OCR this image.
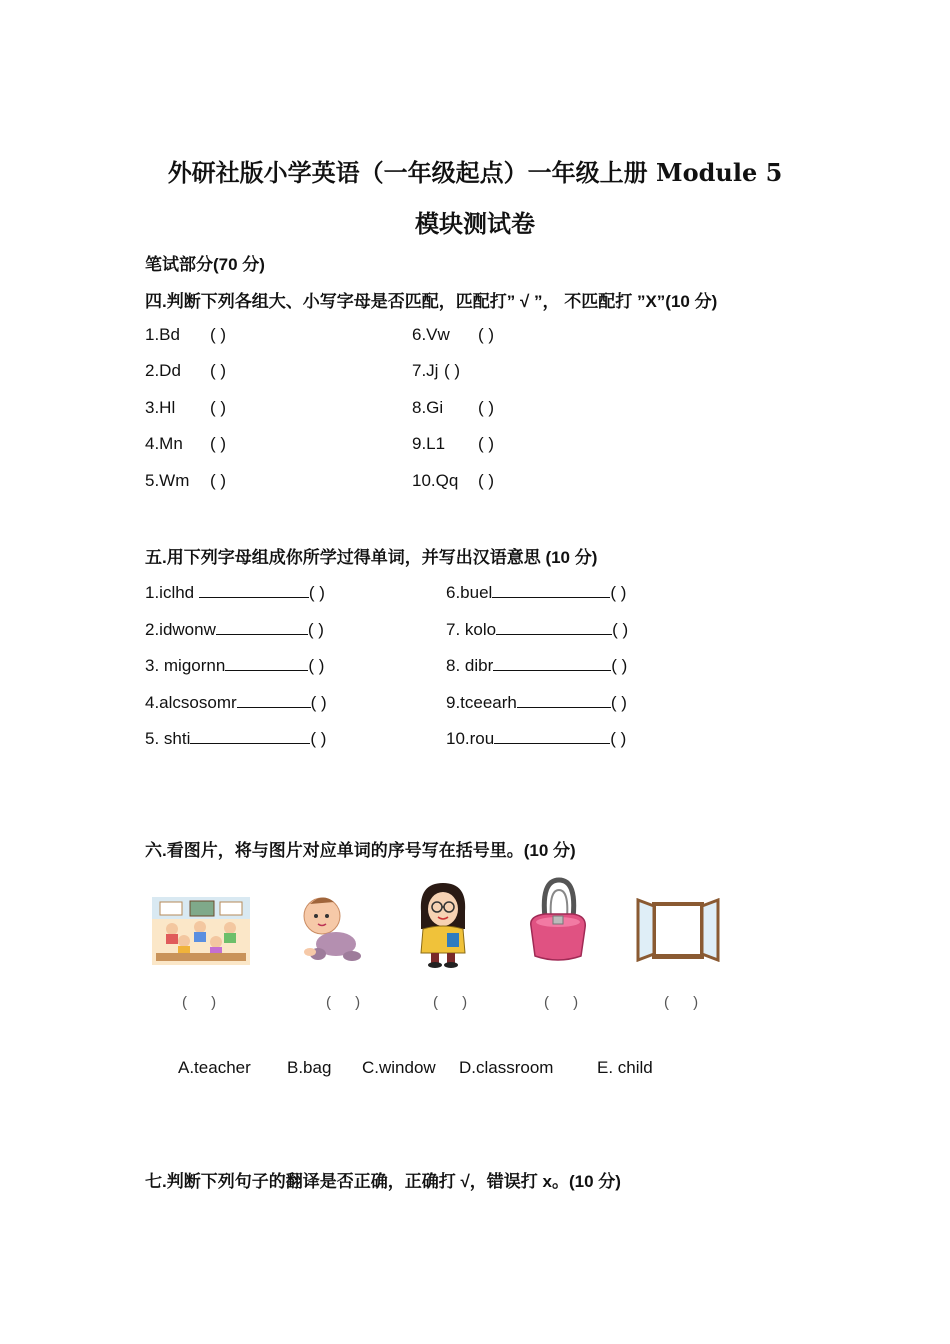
外研社版小学英语（一年级起点）一年级上册 Module 5
模块测试卷
笔试部分(70 分)
四.判断下列各组大、小写字母是否匹配，匹配打” √ ”， 不匹配打 ”X”(10 分)
1.Bd ( )
2.Dd ( )
3.Hl ( )
4.Mn ( )
5.Wm ( )
6.Vw ( )
7.Jj ( )
8.Gi ( )
9.L1 ( )
10.Qq ( )
五.用下列字母组成你所学过得单词，并写出汉语意思 (10 分)
1.iclhd	( )
2.idwonw	( )
3. migornn	( )
4.alcsosomr	( )
5. shti	( )
6.buel	( )
7. kolo	( )
8. dibr	( )
9.tceearh	( )
10.rou	( )
六.看图片，将与图片对应单词的序号写在括号里。(10 分)
( )	( )	( )	( )	( )
A.teacher B.bag C.window D.classroom	E. child
七.判断下列句子的翻译是否正确，正确打 √，错误打 x。(10 分)
